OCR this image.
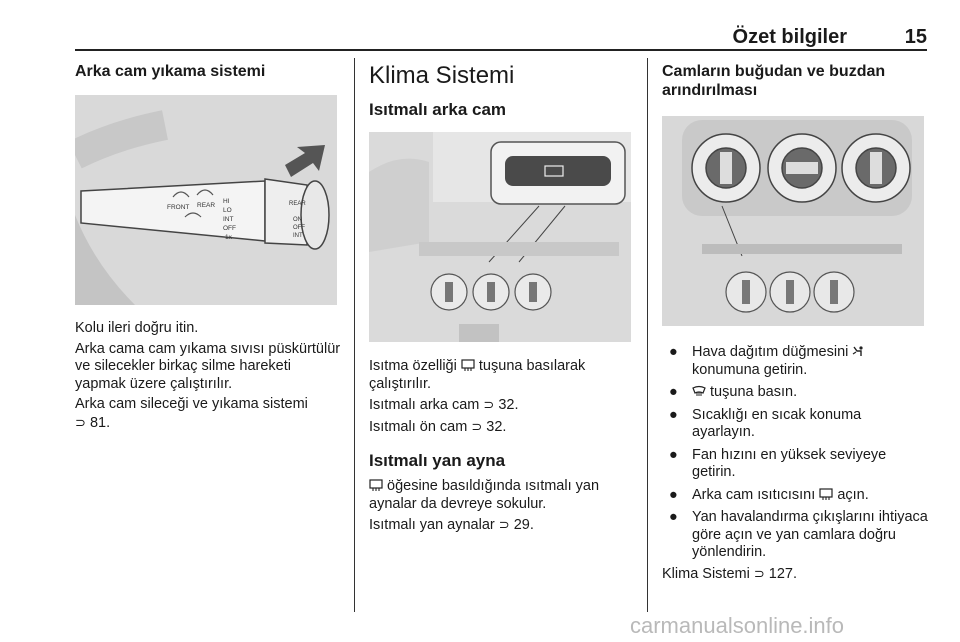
Özet bilgiler	15
Arka cam yıkama sistemi
FRONT REAR
HI
LO
INT
OFF
1x
REAR
ON
OFF
INT

Kolu ileri doğru itin.

Arka cama cam yıkama sıvısı püskürtülür ve silecekler birkaç silme hareketi yapmak üzere çalıştırılır.

Arka cam sileceği ve yıkama sistemi
⊃ 81.

Klima Sistemi
Isıtmalı arka cam

Isıtma özelliği tuşuna basılarak çalıştırılır.

Isıtmalı arka cam ⊃ 32.

Isıtmalı ön cam ⊃ 32.

Isıtmalı yan ayna

öğesine basıldığında ısıtmalı yan aynalar da devreye sokulur.

Isıtmalı yan aynalar ⊃ 29.

Camların buğudan ve buzdan
arındırılması
● Hava dağıtım düğmesini
konumuna getirin.
● tuşuna basın.
● Sıcaklığı en sıcak konuma ayarlayın.
● Fan hızını en yüksek seviyeye getirin.
● Arka cam ısıtıcısını açın.
● Yan havalandırma çıkışlarını ihtiyaca göre açın ve yan camlara doğru yönlendirin.

Klima Sistemi ⊃ 127.

carmanualsonline.info
